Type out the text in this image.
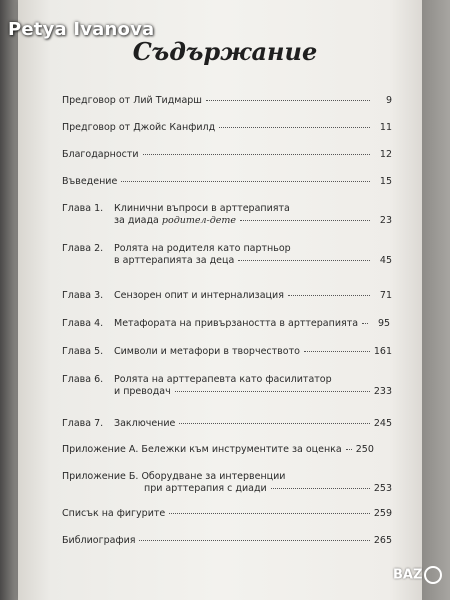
Petya Ivanova
Съдържание
Предговор от Лий Тидмарш	9
Предговор от Джойс Канфилд	11
Благодарности	12
Въведение	15
Глава 1.	Клинични въпроси в арттерапията
за диада родител-дете	23
Глава 2.	Ролята на родителя като партньор
в арттерапията за деца	45
Глава 3.	Сензорен опит и интернализация	71
Глава 4.	Метафората на привързаността в арттерапията	95
Глава 5.	Символи и метафори в творчеството	161
Глава 6.	Ролята на арттерапевта като фасилитатор
и преводач	233
Глава 7.	Заключение	245
Приложение А. Бележки към инструментите за оценка 250
Приложение Б. Оборудване за интервенции
при арттерапия с диади	253
Списък на фигурите	259
Библиография	265
BAZ
